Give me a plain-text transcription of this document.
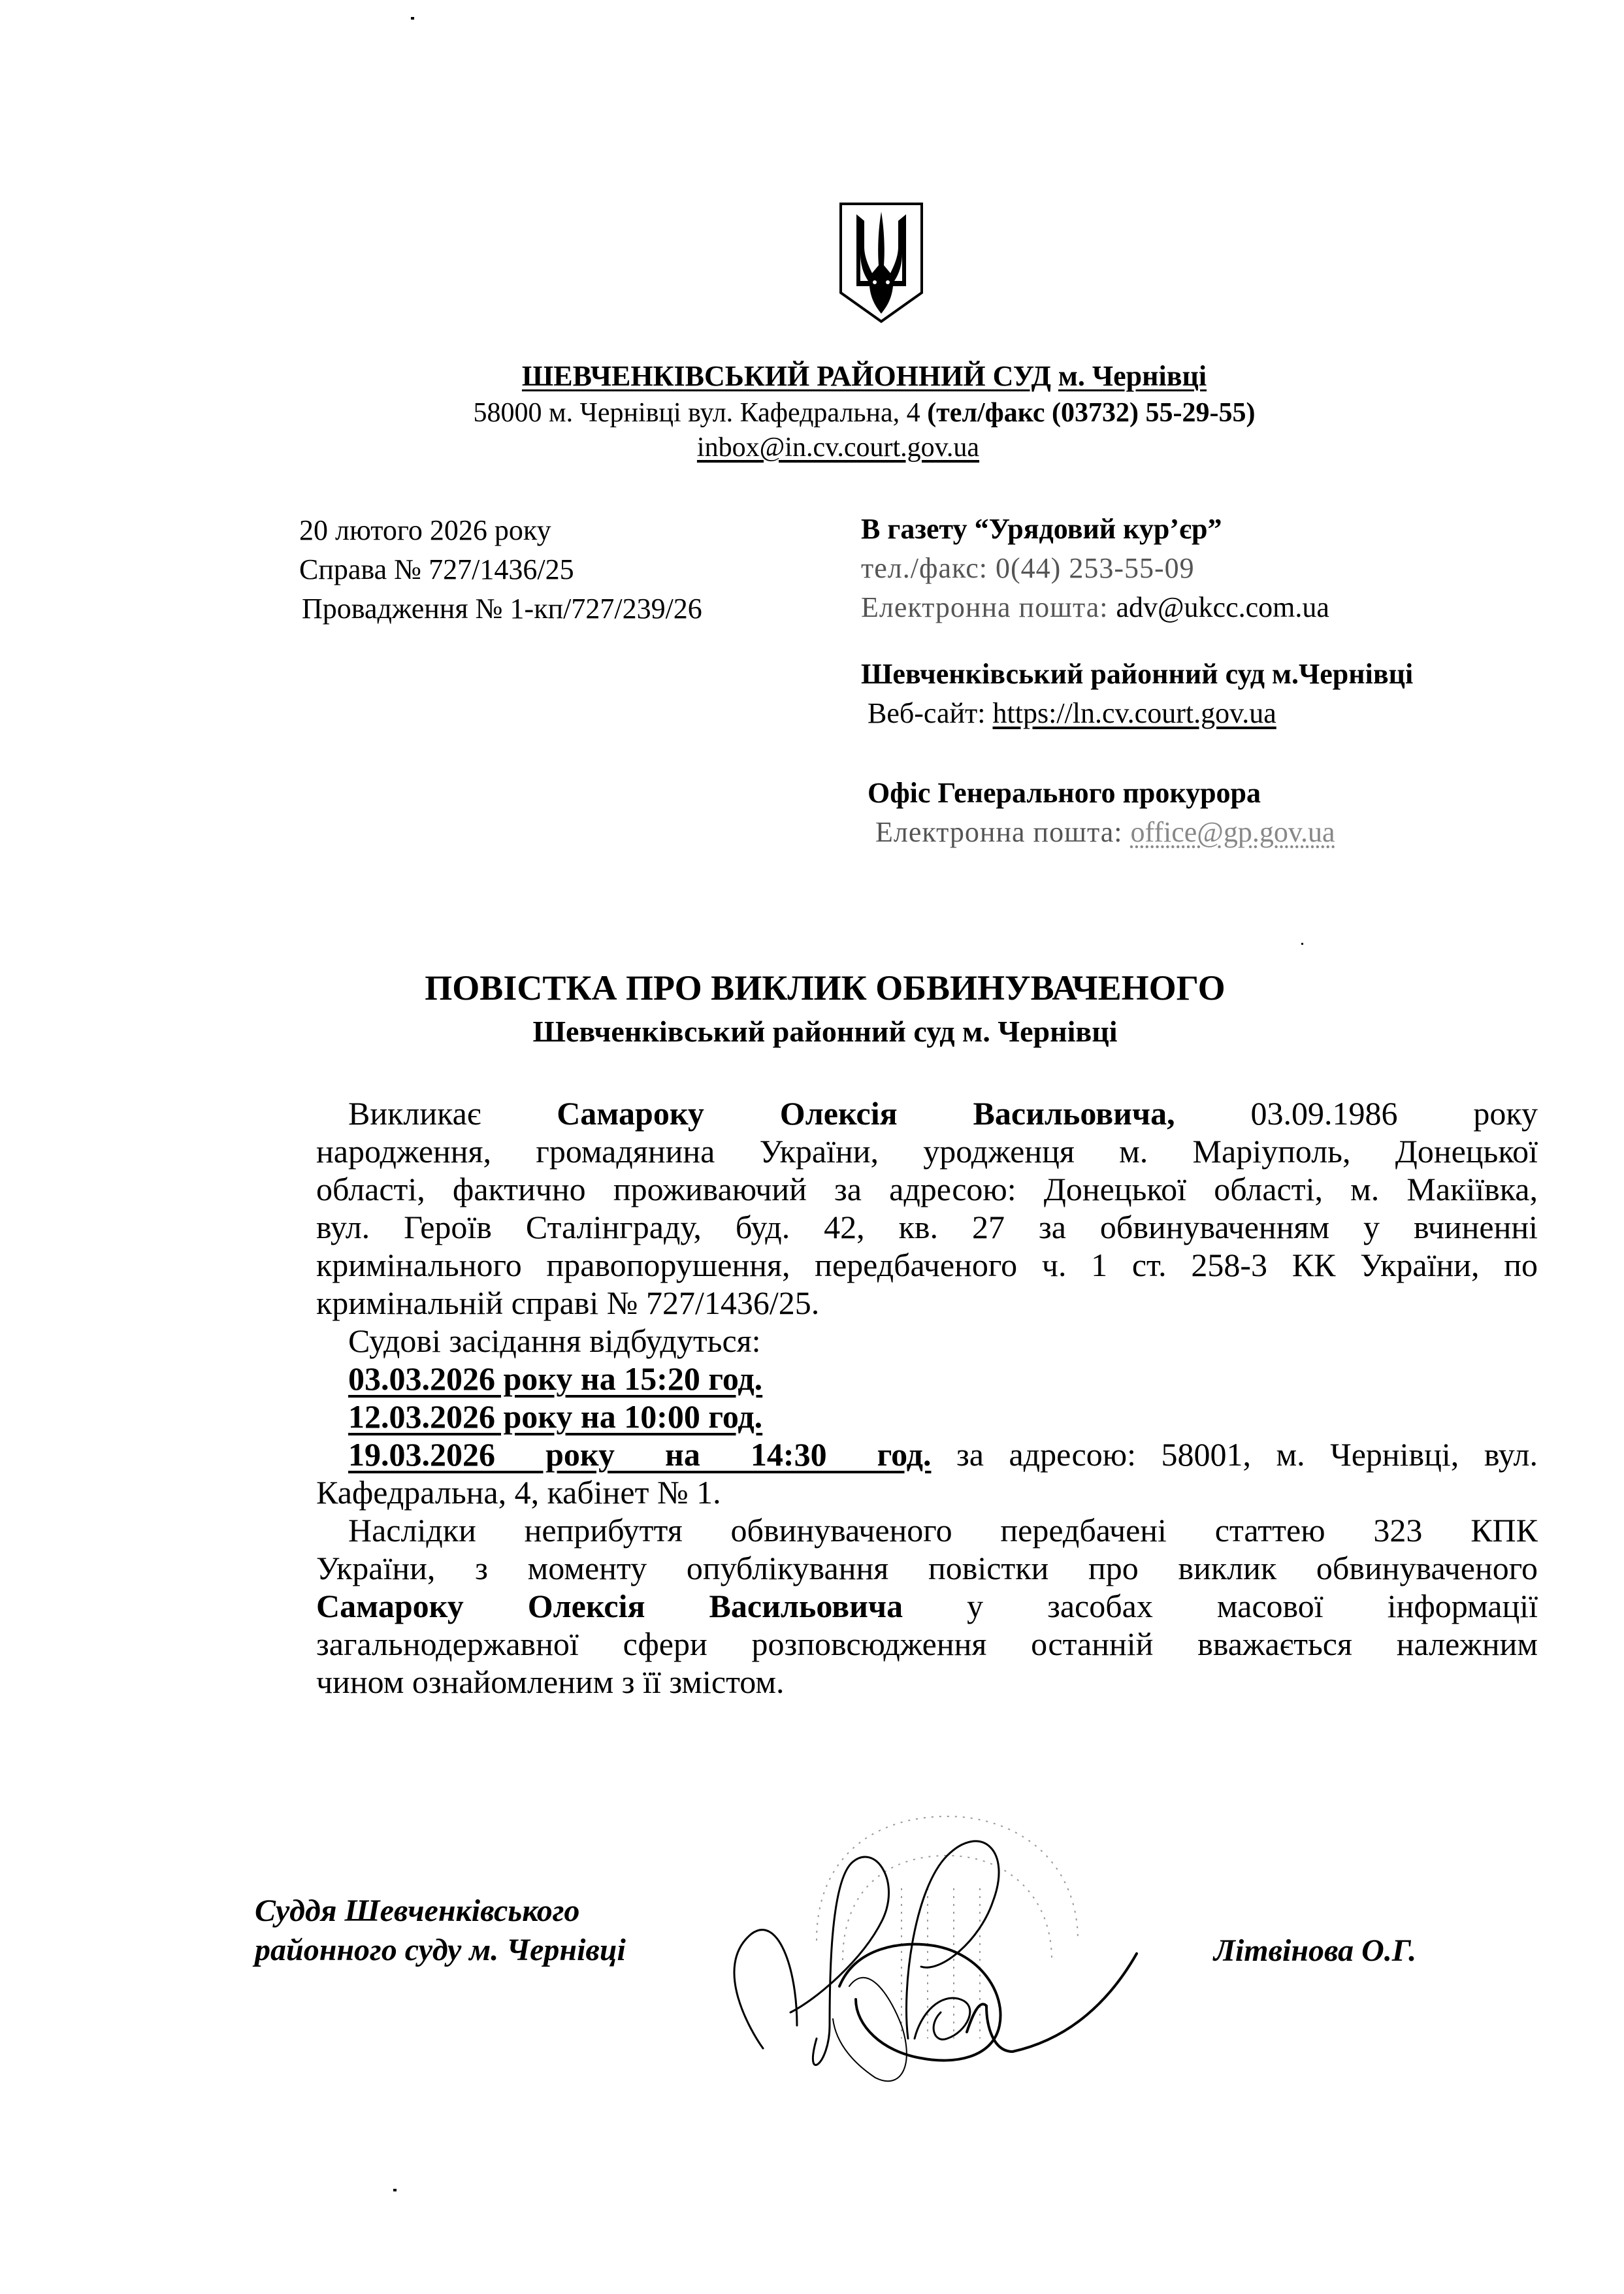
ШЕВЧЕНКІВСЬКИЙ РАЙОННИЙ СУД м. Чернівці
58000 м. Чернівці вул. Кафедральна, 4 (тел/факс (03732) 55-29-55)
inbox@in.cv.court.gov.ua
20 лютого 2026 року
Справа № 727/1436/25
Провадження № 1-кп/727/239/26
В газету “Урядовий кур’єр”
тел./факс: 0(44) 253-55-09
Електронна пошта: adv@ukcc.com.ua
Шевченківський районний суд м.Чернівці
Веб-сайт: https://ln.cv.court.gov.ua
Офіс Генерального прокурора
Електронна пошта: office@gp.gov.ua
ПОВІСТКА ПРО ВИКЛИК ОБВИНУВАЧЕНОГО
Шевченківський районний суд м. Чернівці
Викликає Самароку Олексія Васильовича, 03.09.1986 року
народження, громадянина України, уродженця м. Маріуполь, Донецької
області, фактично проживаючий за адресою: Донецької області, м. Макіївка,
вул. Героїв Сталінграду, буд. 42, кв. 27 за обвинуваченням у вчиненні
кримінального правопорушення, передбаченого ч. 1 ст. 258-3 КК України, по
кримінальній справі № 727/1436/25.
Судові засідання відбудуться:
03.03.2026 року на 15:20 год.
12.03.2026 року на 10:00 год.
19.03.2026  року  на  14:30  год. за адресою: 58001, м. Чернівці, вул.
Кафедральна, 4, кабінет № 1.
Наслідки неприбуття обвинуваченого передбачені статтею 323 КПК
України, з моменту опублікування повістки про виклик обвинуваченого
Самароку Олексія Васильовича у засобах масової інформації
загальнодержавної сфери розповсюдження останній вважається належним
чином ознайомленим з її змістом.
Суддя Шевченківського
районного суду м. Чернівці	Літвінова О.Г.
